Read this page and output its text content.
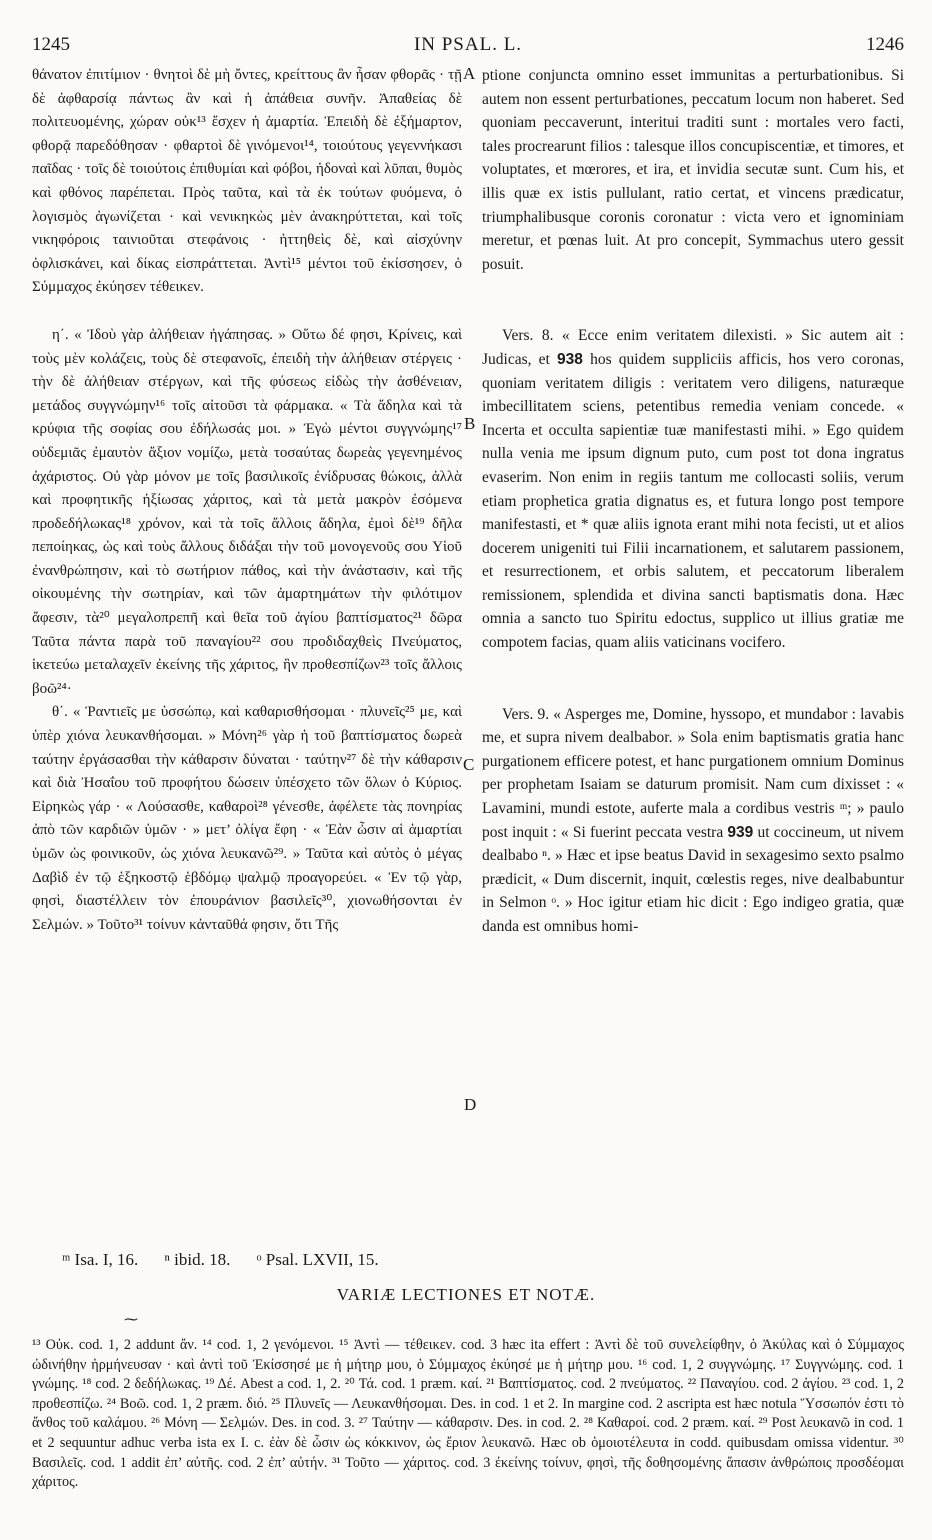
1245	IN PSAL. L.	1246

θάνατον ἐπιτίμιον · θνητοὶ δὲ μὴ ὄντες, κρείττους ἂν ἦσαν φθορᾶς · τῇ δὲ ἀφθαρσίᾳ πάντως ἂν καὶ ἡ ἀπάθεια συνῆν. Ἀπαθείας δὲ πολιτευομένης, χώραν οὐκ¹³ ἔσχεν ἡ ἁμαρτία. Ἐπειδὴ δὲ ἐξήμαρτον, φθορᾷ παρεδόθησαν · φθαρτοὶ δὲ γινόμενοι¹⁴, τοιούτους γεγεννήκασι παῖδας · τοῖς δὲ τοιούτοις ἐπιθυμίαι καὶ φόβοι, ἡδοναὶ καὶ λῦπαι, θυμὸς καὶ φθόνος παρέπεται. Πρὸς ταῦτα, καὶ τὰ ἐκ τούτων φυόμενα, ὁ λογισμὸς ἀγωνίζεται · καὶ νενικηκὼς μὲν ἀνακηρύττεται, καὶ τοῖς νικηφόροις ταινιοῦται στεφάνοις · ἡττηθεὶς δὲ, καὶ αἰσχύνην ὀφλισκάνει, καὶ δίκας εἰσπράττεται. Ἀντὶ¹⁵ μέντοι τοῦ ἐκίσσησεν, ὁ Σύμμαχος ἐκύησεν τέθεικεν.

η΄. « Ἰδοὺ γὰρ ἀλήθειαν ἠγάπησας. » Οὕτω δέ φησι, Κρίνεις, καὶ τοὺς μὲν κολάζεις, τοὺς δὲ στεφανοῖς, ἐπειδὴ τὴν ἀλήθειαν στέργεις · τὴν δὲ ἀλήθειαν στέργων, καὶ τῆς φύσεως εἰδὼς τὴν ἀσθένειαν, μετάδος συγγνώμην¹⁶ τοῖς αἰτοῦσι τὰ φάρμακα. « Τὰ ἄδηλα καὶ τὰ κρύφια τῆς σοφίας σου ἐδήλωσάς μοι. » Ἐγὼ μέντοι συγγνώμης¹⁷ οὐδεμιᾶς ἐμαυτὸν ἄξιον νομίζω, μετὰ τοσαύτας δωρεὰς γεγενημένος ἀχάριστος. Οὐ γὰρ μόνον με τοῖς βασιλικοῖς ἐνίδρυσας θώκοις, ἀλλὰ καὶ προφητικῆς ἠξίωσας χάριτος, καὶ τὰ μετὰ μακρὸν ἐσόμενα προδεδήλωκας¹⁸ χρόνον, καὶ τὰ τοῖς ἄλλοις ἄδηλα, ἐμοὶ δὲ¹⁹ δῆλα πεποίηκας, ὡς καὶ τοὺς ἄλλους διδάξαι τὴν τοῦ μονογενοῦς σου Υἱοῦ ἐνανθρώπησιν, καὶ τὸ σωτήριον πάθος, καὶ τὴν ἀνάστασιν, καὶ τῆς οἰκουμένης τὴν σωτηρίαν, καὶ τῶν ἁμαρτημάτων τὴν φιλότιμον ἄφεσιν, τὰ²⁰ μεγαλοπρεπῆ καὶ θεῖα τοῦ ἁγίου βαπτίσματος²¹ δῶρα Ταῦτα πάντα παρὰ τοῦ παναγίου²² σου προδιδαχθεὶς Πνεύματος, ἱκετεύω μεταλαχεῖν ἐκείνης τῆς χάριτος, ἣν προθεσπίζων²³ τοῖς ἄλλοις βοῶ²⁴·

θ΄. « Ῥαντιεῖς με ὑσσώπῳ, καὶ καθαρισθήσομαι · πλυνεῖς²⁵ με, καὶ ὑπὲρ χιόνα λευκανθήσομαι. » Μόνη²⁶ γὰρ ἡ τοῦ βαπτίσματος δωρεὰ ταύτην ἐργάσασθαι τὴν κάθαρσιν δύναται · ταύτην²⁷ δὲ τὴν κάθαρσιν καὶ διὰ Ἠσαΐου τοῦ προφήτου δώσειν ὑπέσχετο τῶν ὅλων ὁ Κύριος. Εἰρηκὼς γάρ · « Λούσασθε, καθαροὶ²⁸ γένεσθε, ἀφέλετε τὰς πονηρίας ἀπὸ τῶν καρδιῶν ὑμῶν · » μετ’ ὀλίγα ἔφη · « Ἐὰν ὦσιν αἱ ἁμαρτίαι ὑμῶν ὡς φοινικοῦν, ὡς χιόνα λευκανῶ²⁹. » Ταῦτα καὶ αὐτὸς ὁ μέγας Δαβὶδ ἐν τῷ ἑξηκοστῷ ἑβδόμῳ ψαλμῷ προαγορεύει. « Ἐν τῷ γὰρ, φησὶ, διαστέλλειν τὸν ἐπουράνιον βασιλεῖς³⁰, χιονωθήσονται ἐν Σελμών. » Τοῦτο³¹ τοίνυν κἀνταῦθά φησιν, ὅτι Τῆς

ptione conjuncta omnino esset immunitas a perturbationibus. Si autem non essent perturbationes, peccatum locum non haberet. Sed quoniam peccaverunt, interitui traditi sunt : mortales vero facti, tales procrearunt filios : talesque illos concupiscentiæ, et timores, et voluptates, et mœrores, et ira, et invidia secutæ sunt. Cum his, et illis quæ ex istis pullulant, ratio certat, et vincens prædicatur, triumphalibusque coronis coronatur : victa vero et ignominiam meretur, et pœnas luit. At pro concepit, Symmachus utero gessit posuit.

Vers. 8. « Ecce enim veritatem dilexisti. » Sic autem ait : Judicas, et 938 hos quidem suppliciis afficis, hos vero coronas, quoniam veritatem diligis : veritatem vero diligens, naturæque imbecillitatem sciens, petentibus remedia veniam concede. « Incerta et occulta sapientiæ tuæ manifestasti mihi. » Ego quidem nulla venia me ipsum dignum puto, cum post tot dona ingratus evaserim. Non enim in regiis tantum me collocasti soliis, verum etiam prophetica gratia dignatus es, et futura longo post tempore manifestasti, et * quæ aliis ignota erant mihi nota fecisti, ut et alios docerem unigeniti tui Filii incarnationem, et salutarem passionem, et resurrectionem, et orbis salutem, et peccatorum liberalem remissionem, splendida et divina sancti baptismatis dona. Hæc omnia a sancto tuo Spiritu edoctus, supplico ut illius gratiæ me compotem facias, quam aliis vaticinans vocifero.

Vers. 9. « Asperges me, Domine, hyssopo, et mundabor : lavabis me, et supra nivem dealbabor. » Sola enim baptismatis gratia hanc purgationem efficere potest, et hanc purgationem omnium Dominus per prophetam Isaiam se daturum promisit. Nam cum dixisset : « Lavamini, mundi estote, auferte mala a cordibus vestris ᵐ; » paulo post inquit : « Si fuerint peccata vestra 939 ut coccineum, ut nivem dealbabo ⁿ. » Hæc et ipse beatus David in sexagesimo sexto psalmo prædicit, « Dum discernit, inquit, cœlestis reges, nive dealbabuntur in Selmon ᵒ. » Hoc igitur etiam hic dicit : Ego indigeo gratia, quæ danda est omnibus homi-

A
B
C
D
ᵐ Isa. I, 16. ⁿ ibid. 18. ᵒ Psal. LXVII, 15.
VARIÆ LECTIONES ET NOTÆ.
⁓

¹³ Οὐκ. cod. 1, 2 addunt ἄν. ¹⁴ cod. 1, 2 γενόμενοι. ¹⁵ Ἀντὶ — τέθεικεν. cod. 3 hæc ita effert : Ἀντὶ δὲ τοῦ συνελείφθην, ὁ Ἀκύλας καὶ ὁ Σύμμαχος ὠδινήθην ἡρμήνευσαν · καὶ ἀντὶ τοῦ Ἐκίσσησέ με ἡ μήτηρ μου, ὁ Σύμμαχος ἐκύησέ με ἡ μήτηρ μου. ¹⁶ cod. 1, 2 συγγνώμης. ¹⁷ Συγγνώμης. cod. 1 γνώμης. ¹⁸ cod. 2 δεδήλωκας. ¹⁹ Δέ. Abest a cod. 1, 2. ²⁰ Τά. cod. 1 præm. καί. ²¹ Βαπτίσματος. cod. 2 πνεύματος. ²² Παναγίου. cod. 2 ἁγίου. ²³ cod. 1, 2 προθεσπίζω. ²⁴ Βοῶ. cod. 1, 2 præm. διό. ²⁵ Πλυνεῖς — Λευκανθήσομαι. Des. in cod. 1 et 2. In margine cod. 2 ascripta est hæc notula Ὕσσωπόν ἐστι τὸ ἄνθος τοῦ καλάμου. ²⁶ Μόνη — Σελμών. Des. in cod. 3. ²⁷ Ταύτην — κάθαρσιν. Des. in cod. 2. ²⁸ Καθαροί. cod. 2 præm. καί. ²⁹ Post λευκανῶ in cod. 1 et 2 sequuntur adhuc verba ista ex I. c. ἐὰν δὲ ὦσιν ὡς κόκκινον, ὡς ἔριον λευκανῶ. Hæc ob ὁμοιοτέλευτα in codd. quibusdam omissa videntur. ³⁰ Βασιλεῖς. cod. 1 addit ἐπ’ αὐτῆς. cod. 2 ἐπ’ αὐτήν. ³¹ Τοῦτο — χάριτος. cod. 3 ἐκείνης τοίνυν, φησὶ, τῆς δοθησομένης ἅπασιν ἀνθρώποις προσδέομαι χάριτος.
